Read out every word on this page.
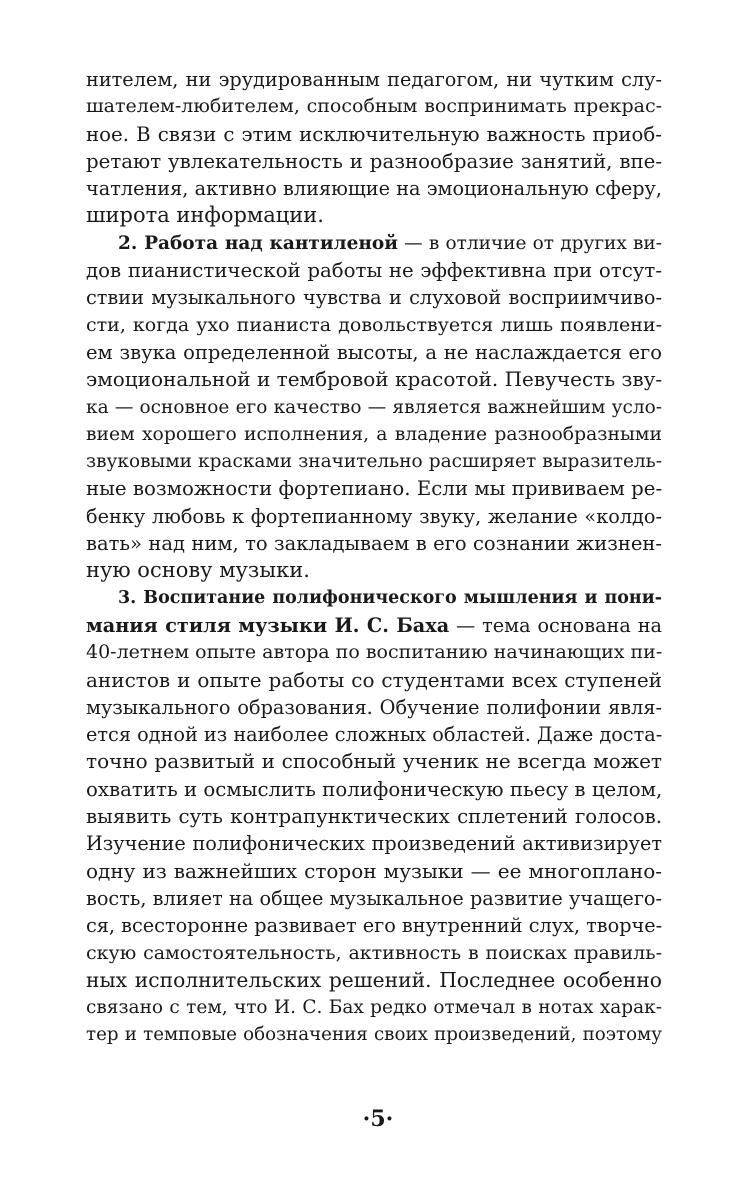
нителем, ни эрудированным педагогом, ни чутким слу-
шателем-любителем, способным воспринимать прекрас-
ное. В связи с этим исключительную важность приоб-
ретают увлекательность и разнообразие занятий, впе-
чатления, активно влияющие на эмоциональную сферу,
широта информации.
2. Работа над кантиленой — в отличие от других ви-
дов пианистической работы не эффективна при отсут-
ствии музыкального чувства и слуховой восприимчиво-
сти, когда ухо пианиста довольствуется лишь появлени-
ем звука определенной высоты, а не наслаждается его
эмоциональной и тембровой красотой. Певучесть зву-
ка — основное его качество — является важнейшим усло-
вием хорошего исполнения, а владение разнообразными
звуковыми красками значительно расширяет выразитель-
ные возможности фортепиано. Если мы прививаем ре-
бенку любовь к фортепианному звуку, желание «колдо-
вать» над ним, то закладываем в его сознании жизнен-
ную основу музыки.
3. Воспитание полифонического мышления и пони-
мания стиля музыки И. С. Баха — тема основана на
40-летнем опыте автора по воспитанию начинающих пи-
анистов и опыте работы со студентами всех ступеней
музыкального образования. Обучение полифонии явля-
ется одной из наиболее сложных областей. Даже доста-
точно развитый и способный ученик не всегда может
охватить и осмыслить полифоническую пьесу в целом,
выявить суть контрапунктических сплетений голосов.
Изучение полифонических произведений активизирует
одну из важнейших сторон музыки — ее многоплано-
вость, влияет на общее музыкальное развитие учащего-
ся, всесторонне развивает его внутренний слух, творче-
скую самостоятельность, активность в поисках правиль-
ных исполнительских решений. Последнее особенно
связано с тем, что И. С. Бах редко отмечал в нотах харак-
тер и темповые обозначения своих произведений, поэтому
·5·
